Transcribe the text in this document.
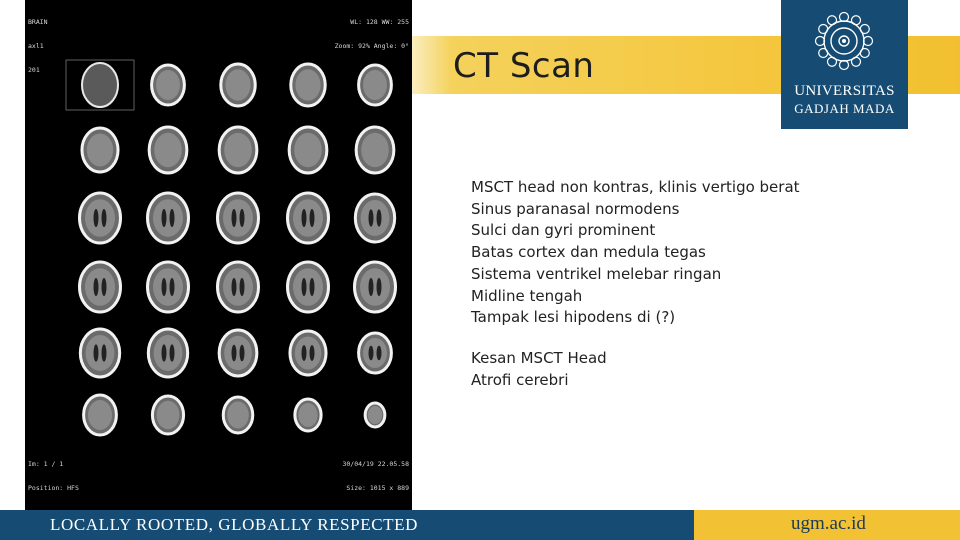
BRAIN

axl1

201

WL: 128 WW: 255

Zoom: 92% Angle: 0°

Im: 1 / 1

Position: HFS

30/04/19 22.05.58

Size: 1015 x 889

CT Scan
UNIVERSITAS
GADJAH MADA
MSCT head non kontras, klinis vertigo berat
Sinus paranasal normodens
Sulci dan gyri prominent
Batas cortex dan medula tegas
Sistema ventrikel melebar ringan
Midline tengah
Tampak lesi hipodens di (?)
Kesan MSCT Head
Atrofi cerebri
LOCALLY ROOTED, GLOBALLY RESPECTED	ugm.ac.id
